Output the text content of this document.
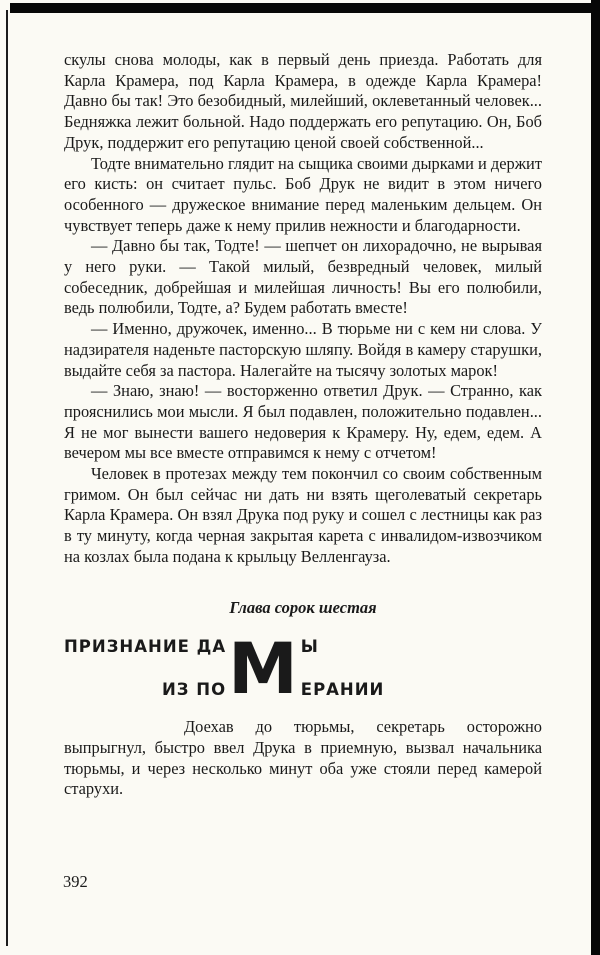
скулы снова молоды, как в первый день приезда. Работать для Карла Крамера, под Карла Крамера, в одежде Карла Крамера! Давно бы так! Это безобидный, милейший, оклеветанный человек... Бедняжка лежит больной. Надо поддержать его репутацию. Он, Боб Друк, поддержит его репутацию ценой своей собственной...

Тодте внимательно глядит на сыщика своими дырками и держит его кисть: он считает пульс. Боб Друк не видит в этом ничего особенного — дружеское внимание перед маленьким дельцем. Он чувствует теперь даже к нему прилив нежности и благодарности.

— Давно бы так, Тодте! — шепчет он лихорадочно, не вырывая у него руки. — Такой милый, безвредный человек, милый собеседник, добрейшая и милейшая личность! Вы его полюбили, ведь полюбили, Тодте, а? Будем работать вместе!

— Именно, дружочек, именно... В тюрьме ни с кем ни слова. У надзирателя наденьте пасторскую шляпу. Войдя в камеру старушки, выдайте себя за пастора. Налегайте на тысячу золотых марок!

— Знаю, знаю! — восторженно ответил Друк. — Странно, как прояснились мои мысли. Я был подавлен, положительно подавлен... Я не мог вынести вашего недоверия к Крамеру. Ну, едем, едем. А вечером мы все вместе отправимся к нему с отчетом!

Человек в протезах между тем покончил со своим собственным гримом. Он был сейчас ни дать ни взять щеголеватый секретарь Карла Крамера. Он взял Друка под руку и сошел с лестницы как раз в ту минуту, когда черная закрытая карета с инвалидом-извозчиком на козлах была подана к крыльцу Велленгауза.

Глава сорок шестая
ПРИЗНАНИЕ ДА
ИЗ ПО М Ы
ЕРАНИИ

Доехав до тюрьмы, секретарь осторожно выпрыгнул, быстро ввел Друка в приемную, вызвал начальника тюрьмы, и через несколько минут оба уже стояли перед камерой старухи.

392
